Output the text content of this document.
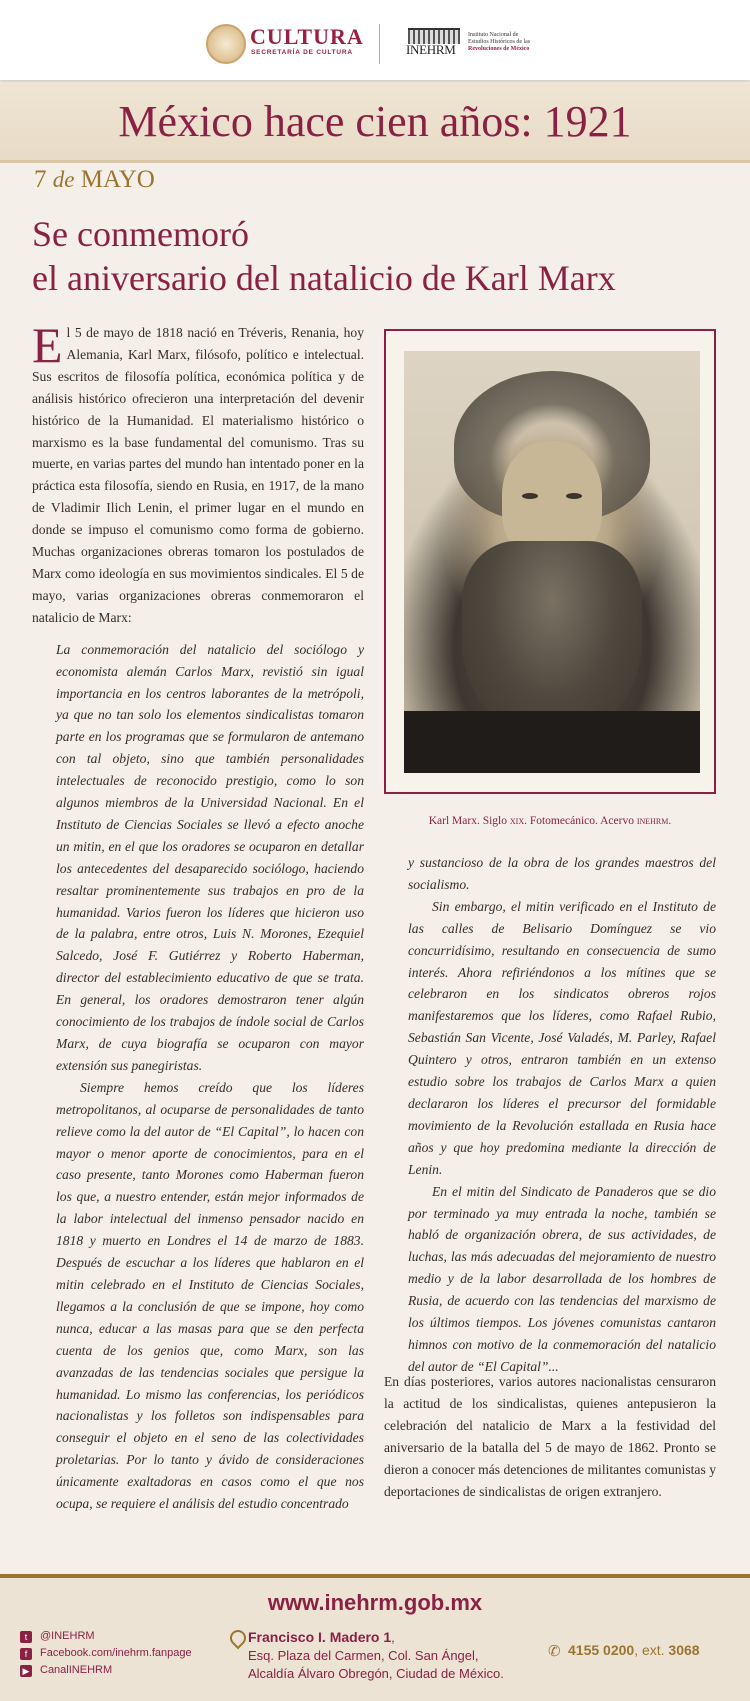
CULTURA
SECRETARÍA DE CULTURA	INEHRM
Instituto Nacional de
Estudios Históricos de las
Revoluciones de México
México hace cien años: 1921
7 de MAYO
Se conmemoró
el aniversario del natalicio de Karl Marx

El 5 de mayo de 1818 nació en Tréveris, Renania, hoy Alemania, Karl Marx, filósofo, político e intelectual. Sus escritos de filosofía política, económica política y de análisis histórico ofrecieron una interpretación del devenir histórico de la Humanidad. El materialismo histórico o marxismo es la base fundamental del comunismo. Tras su muerte, en varias partes del mundo han intentado poner en la práctica esta filosofía, siendo en Rusia, en 1917, de la mano de Vladimir Ilich Lenin, el primer lugar en el mundo en donde se impuso el comunismo como forma de gobierno. Muchas organizaciones obreras tomaron los postulados de Marx como ideología en sus movimientos sindicales. El 5 de mayo, varias organizaciones obreras conmemoraron el natalicio de Marx:

La conmemoración del natalicio del sociólogo y economista alemán Carlos Marx, revistió sin igual importancia en los centros laborantes de la metrópoli, ya que no tan solo los elementos sindicalistas tomaron parte en los programas que se formularon de antemano con tal objeto, sino que también personalidades intelectuales de reconocido prestigio, como lo son algunos miembros de la Universidad Nacional. En el Instituto de Ciencias Sociales se llevó a efecto anoche un mitin, en el que los oradores se ocuparon en detallar los antecedentes del desaparecido sociólogo, haciendo resaltar prominentemente sus trabajos en pro de la humanidad. Varios fueron los líderes que hicieron uso de la palabra, entre otros, Luis N. Morones, Ezequiel Salcedo, José F. Gutiérrez y Roberto Haberman, director del establecimiento educativo de que se trata. En general, los oradores demostraron tener algún conocimiento de los trabajos de índole social de Carlos Marx, de cuya biografía se ocuparon con mayor extensión sus panegiristas.

Siempre hemos creído que los líderes metropolitanos, al ocuparse de personalidades de tanto relieve como la del autor de “El Capital”, lo hacen con mayor o menor aporte de conocimientos, para en el caso presente, tanto Morones como Haberman fueron los que, a nuestro entender, están mejor informados de la labor intelectual del inmenso pensador nacido en 1818 y muerto en Londres el 14 de marzo de 1883. Después de escuchar a los líderes que hablaron en el mitin celebrado en el Instituto de Ciencias Sociales, llegamos a la conclusión de que se impone, hoy como nunca, educar a las masas para que se den perfecta cuenta de los genios que, como Marx, son las avanzadas de las tendencias sociales que persigue la humanidad. Lo mismo las conferencias, los periódicos nacionalistas y los folletos son indispensables para conseguir el objeto en el seno de las colectividades proletarias. Por lo tanto y ávido de consideraciones únicamente exaltadoras en casos como el que nos ocupa, se requiere el análisis del estudio concentrado

Karl Marx. Siglo xix. Fotomecánico. Acervo inehrm.

y sustancioso de la obra de los grandes maestros del socialismo.

Sin embargo, el mitin verificado en el Instituto de las calles de Belisario Domínguez se vio concurridísimo, resultando en consecuencia de sumo interés. Ahora refiriéndonos a los mítines que se celebraron en los sindicatos obreros rojos manifestaremos que los líderes, como Rafael Rubio, Sebastián San Vicente, José Valadés, M. Parley, Rafael Quintero y otros, entraron también en un extenso estudio sobre los trabajos de Carlos Marx a quien declararon los líderes el precursor del formidable movimiento de la Revolución estallada en Rusia hace años y que hoy predomina mediante la dirección de Lenin.

En el mitin del Sindicato de Panaderos que se dio por terminado ya muy entrada la noche, también se habló de organización obrera, de sus actividades, de luchas, las más adecuadas del mejoramiento de nuestro medio y de la labor desarrollada de los hombres de Rusia, de acuerdo con las tendencias del marxismo de los últimos tiempos. Los jóvenes comunistas cantaron himnos con motivo de la conmemoración del natalicio del autor de “El Capital”...

En días posteriores, varios autores nacionalistas censuraron la actitud de los sindicalistas, quienes antepusieron la celebración del natalicio de Marx a la festividad del aniversario de la batalla del 5 de mayo de 1862. Pronto se dieron a conocer más detenciones de militantes comunistas y deportaciones de sindicalistas de origen extranjero.

www.inehrm.gob.mx
t	@INEHRM
f	Facebook.com/inehrm.fanpage
▶ Canal INEHRM
Francisco I. Madero 1,
Esq. Plaza del Carmen, Col. San Ángel,
Alcaldía Álvaro Obregón, Ciudad de México.
✆ 4155 0200, ext. 3068
